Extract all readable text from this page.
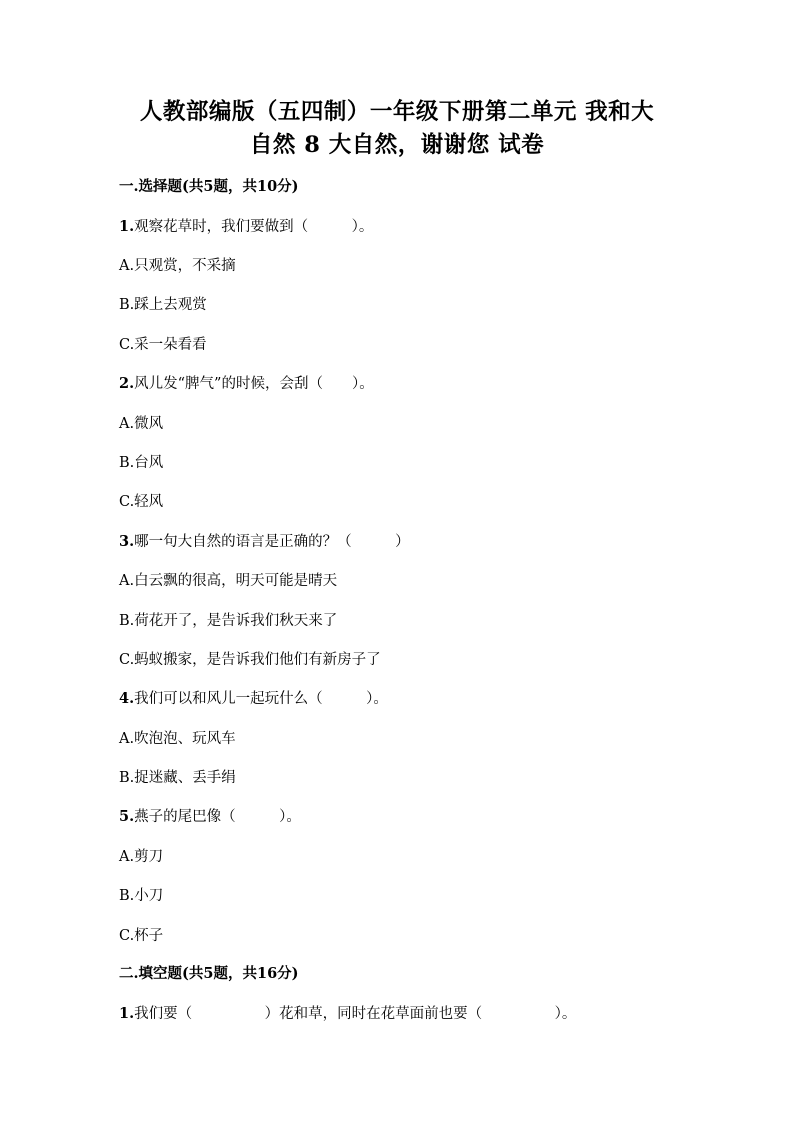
人教部编版（五四制）一年级下册第二单元 我和大
自然 8 大自然，谢谢您 试卷
一.选择题(共5题，共10分)
1.观察花草时，我们要做到（　　　）。
A.只观赏，不采摘
B.踩上去观赏
C.采一朵看看
2.风儿发“脾气”的时候，会刮（　　）。
A.微风
B.台风
C.轻风
3.哪一句大自然的语言是正确的？（　　　）
A.白云飘的很高，明天可能是晴天
B.荷花开了，是告诉我们秋天来了
C.蚂蚁搬家，是告诉我们他们有新房子了
4.我们可以和风儿一起玩什么（　　　）。
A.吹泡泡、玩风车
B.捉迷藏、丢手绢
5.燕子的尾巴像（　　　）。
A.剪刀
B.小刀
C.杯子
二.填空题(共5题，共16分)
1.我们要（　　　　　）花和草，同时在花草面前也要（　　　　　）。
